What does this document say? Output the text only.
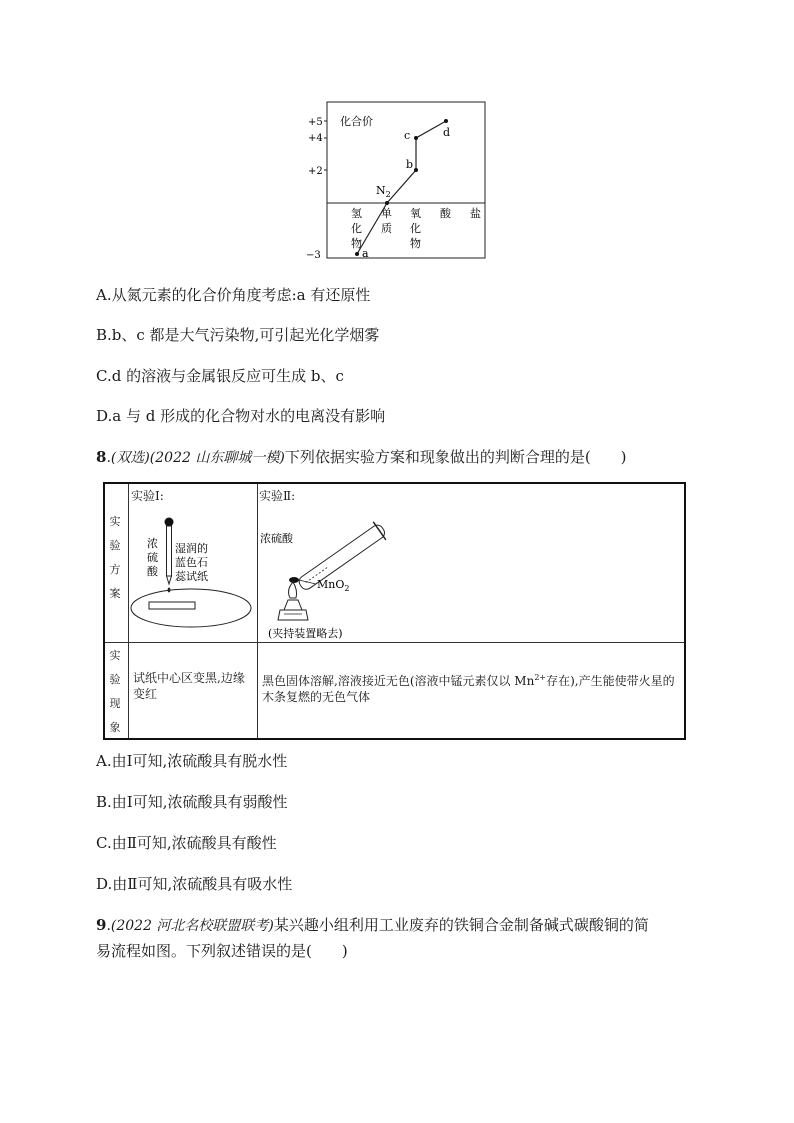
化合价
+5
+4
+2
−3	a
$N_2$
b
c	d
氢
化
物
单
质
氧
化
物
酸 盐
A.从氮元素的化合价角度考虑:a 有还原性
B.b、c 都是大气污染物,可引起光化学烟雾
C.d 的溶液与金属银反应可生成 b、c
D.a 与 d 形成的化合物对水的电离没有影响
8.(双选)(2022 山东聊城一模)下列依据实验方案和现象做出的判断合理的是(　　)
实
验
方
案
实
验
现
象
实验Ⅰ:
浓
硫
酸
湿润的
蓝色石
蕊试纸
实验Ⅱ:
浓硫酸
MnO$_2$
(夹持装置略去)
试纸中心区变黑,边缘变红
黑色固体溶解,溶液接近无色(溶液中锰元素仅以 $Mn^{2+}$存在),产生能使带火星的木条复燃的无色气体
A.由Ⅰ可知,浓硫酸具有脱水性
B.由Ⅰ可知,浓硫酸具有弱酸性
C.由Ⅱ可知,浓硫酸具有酸性
D.由Ⅱ可知,浓硫酸具有吸水性
9.(2022 河北名校联盟联考)某兴趣小组利用工业废弃的铁铜合金制备碱式碳酸铜的简
易流程如图。下列叙述错误的是(　　)
